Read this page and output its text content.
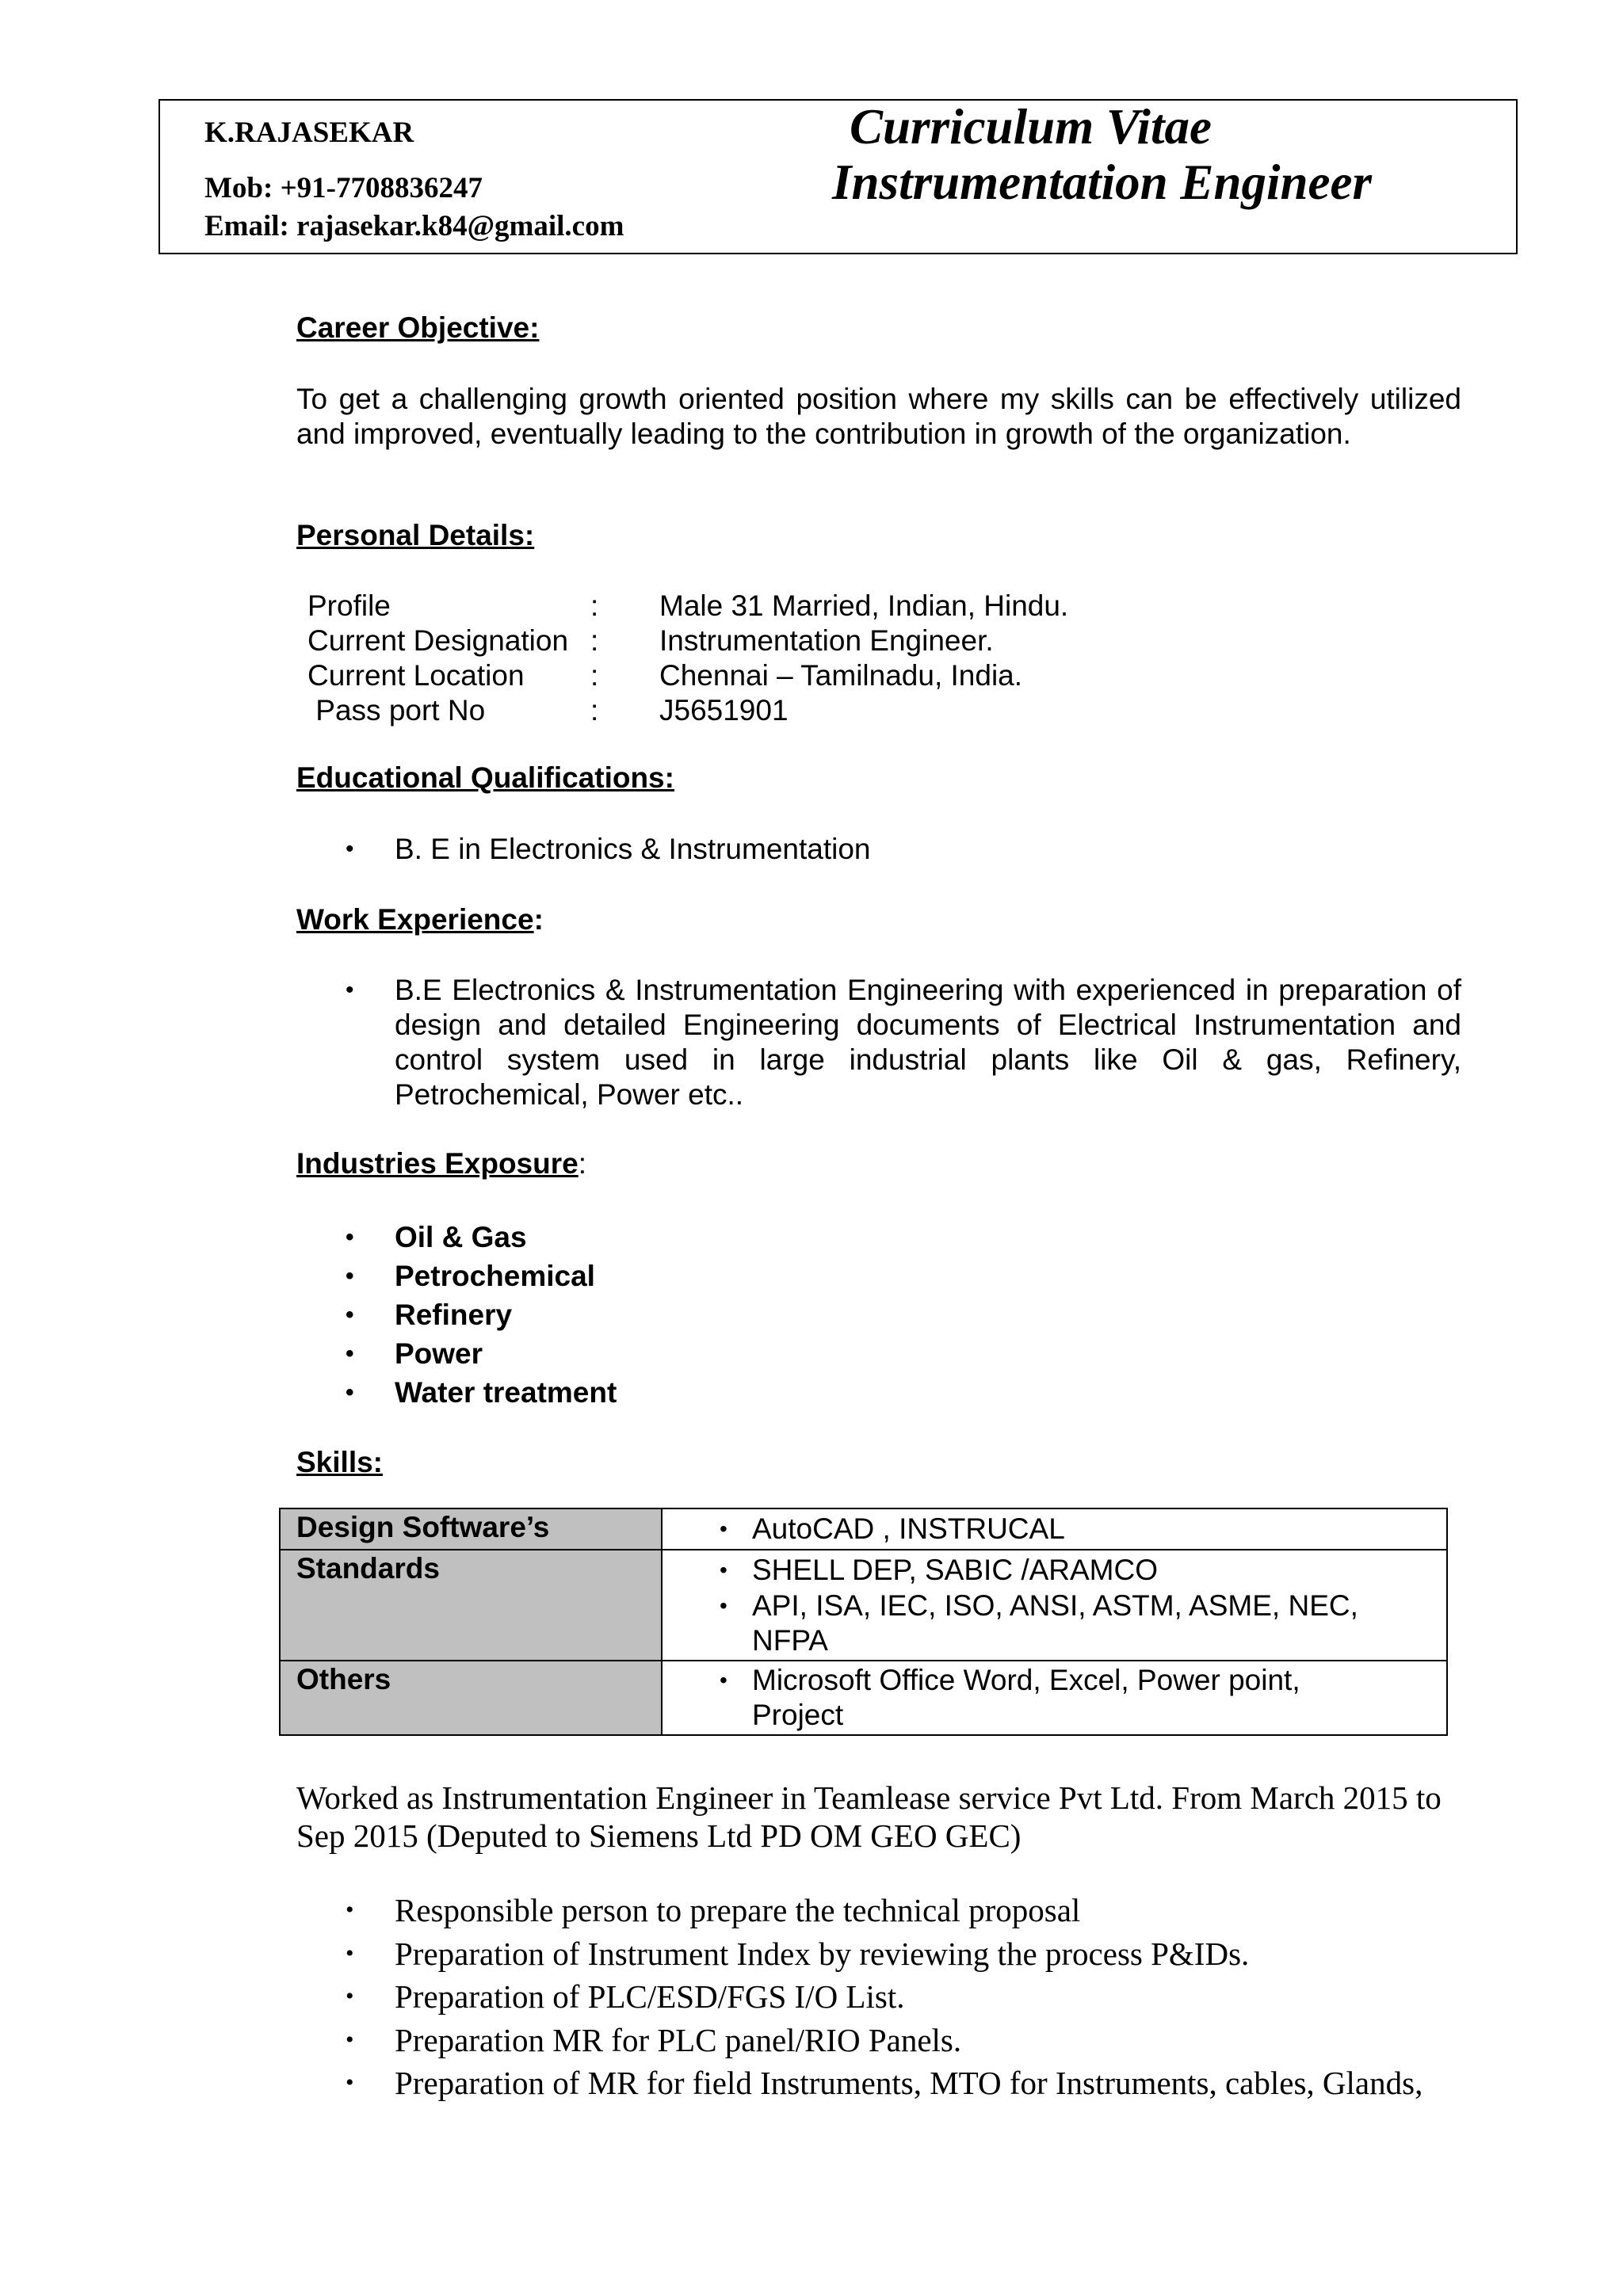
K.RAJASEKAR
Mob: +91-7708836247
Email: rajasekar.k84@gmail.com
Curriculum Vitae
Instrumentation Engineer
Career Objective:

To get a challenging growth oriented position where my skills can be effectively utilized and improved, eventually leading to the contribution in growth of the organization.

Personal Details:
Profile	: Male 31 Married, Indian, Hindu.
Current Designation : Instrumentation Engineer.
Current Location : Chennai – Tamilnadu, India.
Pass port No	: J5651901
Educational Qualifications:
• B. E in Electronics & Instrumentation
Work Experience:
• B.E Electronics & Instrumentation Engineering with experienced in preparation of design and detailed Engineering documents of Electrical Instrumentation and control system used in large industrial plants like Oil & gas, Refinery, Petrochemical, Power etc..
Industries Exposure:
• Oil & Gas
• Petrochemical
• Refinery
• Power
• Water treatment
Skills:
Design Software’s	• AutoCAD , INSTRUCAL

Standards	• SHELL DEP, SABIC /ARAMCO
• API, ISA, IEC, ISO, ANSI, ASTM, ASME, NEC, NFPA

Others	• Microsoft Office Word, Excel, Power point, Project
Worked as Instrumentation Engineer in Teamlease service Pvt Ltd. From March 2015 to Sep 2015 (Deputed to Siemens Ltd PD OM GEO GEC)
• Responsible person to prepare the technical proposal
• Preparation of Instrument Index by reviewing the process P&IDs.
• Preparation of PLC/ESD/FGS I/O List.
• Preparation MR for PLC panel/RIO Panels.
• Preparation of MR for field Instruments, MTO for Instruments, cables, Glands,
